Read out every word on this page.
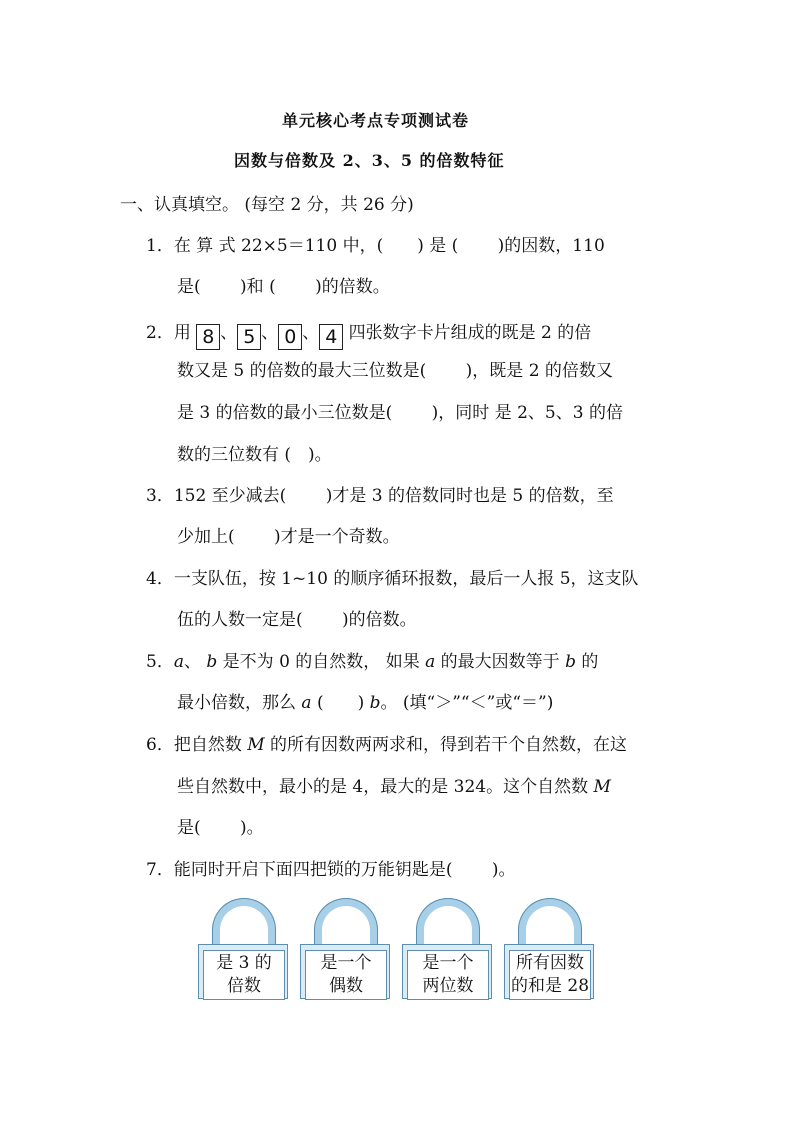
单元核心考点专项测试卷
因数与倍数及 2、3、5 的倍数特征
一、认真填空。 (每空 2 分，共 26 分)
1．在 算 式 22×5＝110 中，(　　) 是 (　　 )的因数，110
是(　　 )和 (　　 )的倍数。
2．用 8 、 5 、 0 、 4 四张数字卡片组成的既是 2 的倍
数又是 5 的倍数的最大三位数是(　　 )，既是 2 的倍数又
是 3 的倍数的最小三位数是(　　 )，同时 是 2、5、3 的倍
数的三位数有 (　)。
3．152 至少减去(　　 )才是 3 的倍数同时也是 5 的倍数，至
少加上(　　 )才是一个奇数。
4．一支队伍，按 1~10 的顺序循环报数，最后一人报 5，这支队
伍的人数一定是(　　 )的倍数。
5．a、 b 是不为 0 的自然数， 如果 a 的最大因数等于 b 的
最小倍数，那么 a (　　) b。 (填“＞”“＜”或“＝”)
6．把自然数 M 的所有因数两两求和，得到若干个自然数，在这
些自然数中，最小的是 4，最大的是 324。这个自然数 M
是(　　 )。
7．能同时开启下面四把锁的万能钥匙是(　　 )。
是 3 的
倍数
是一个
偶数
是一个
两位数
所有因数
的和是 28
